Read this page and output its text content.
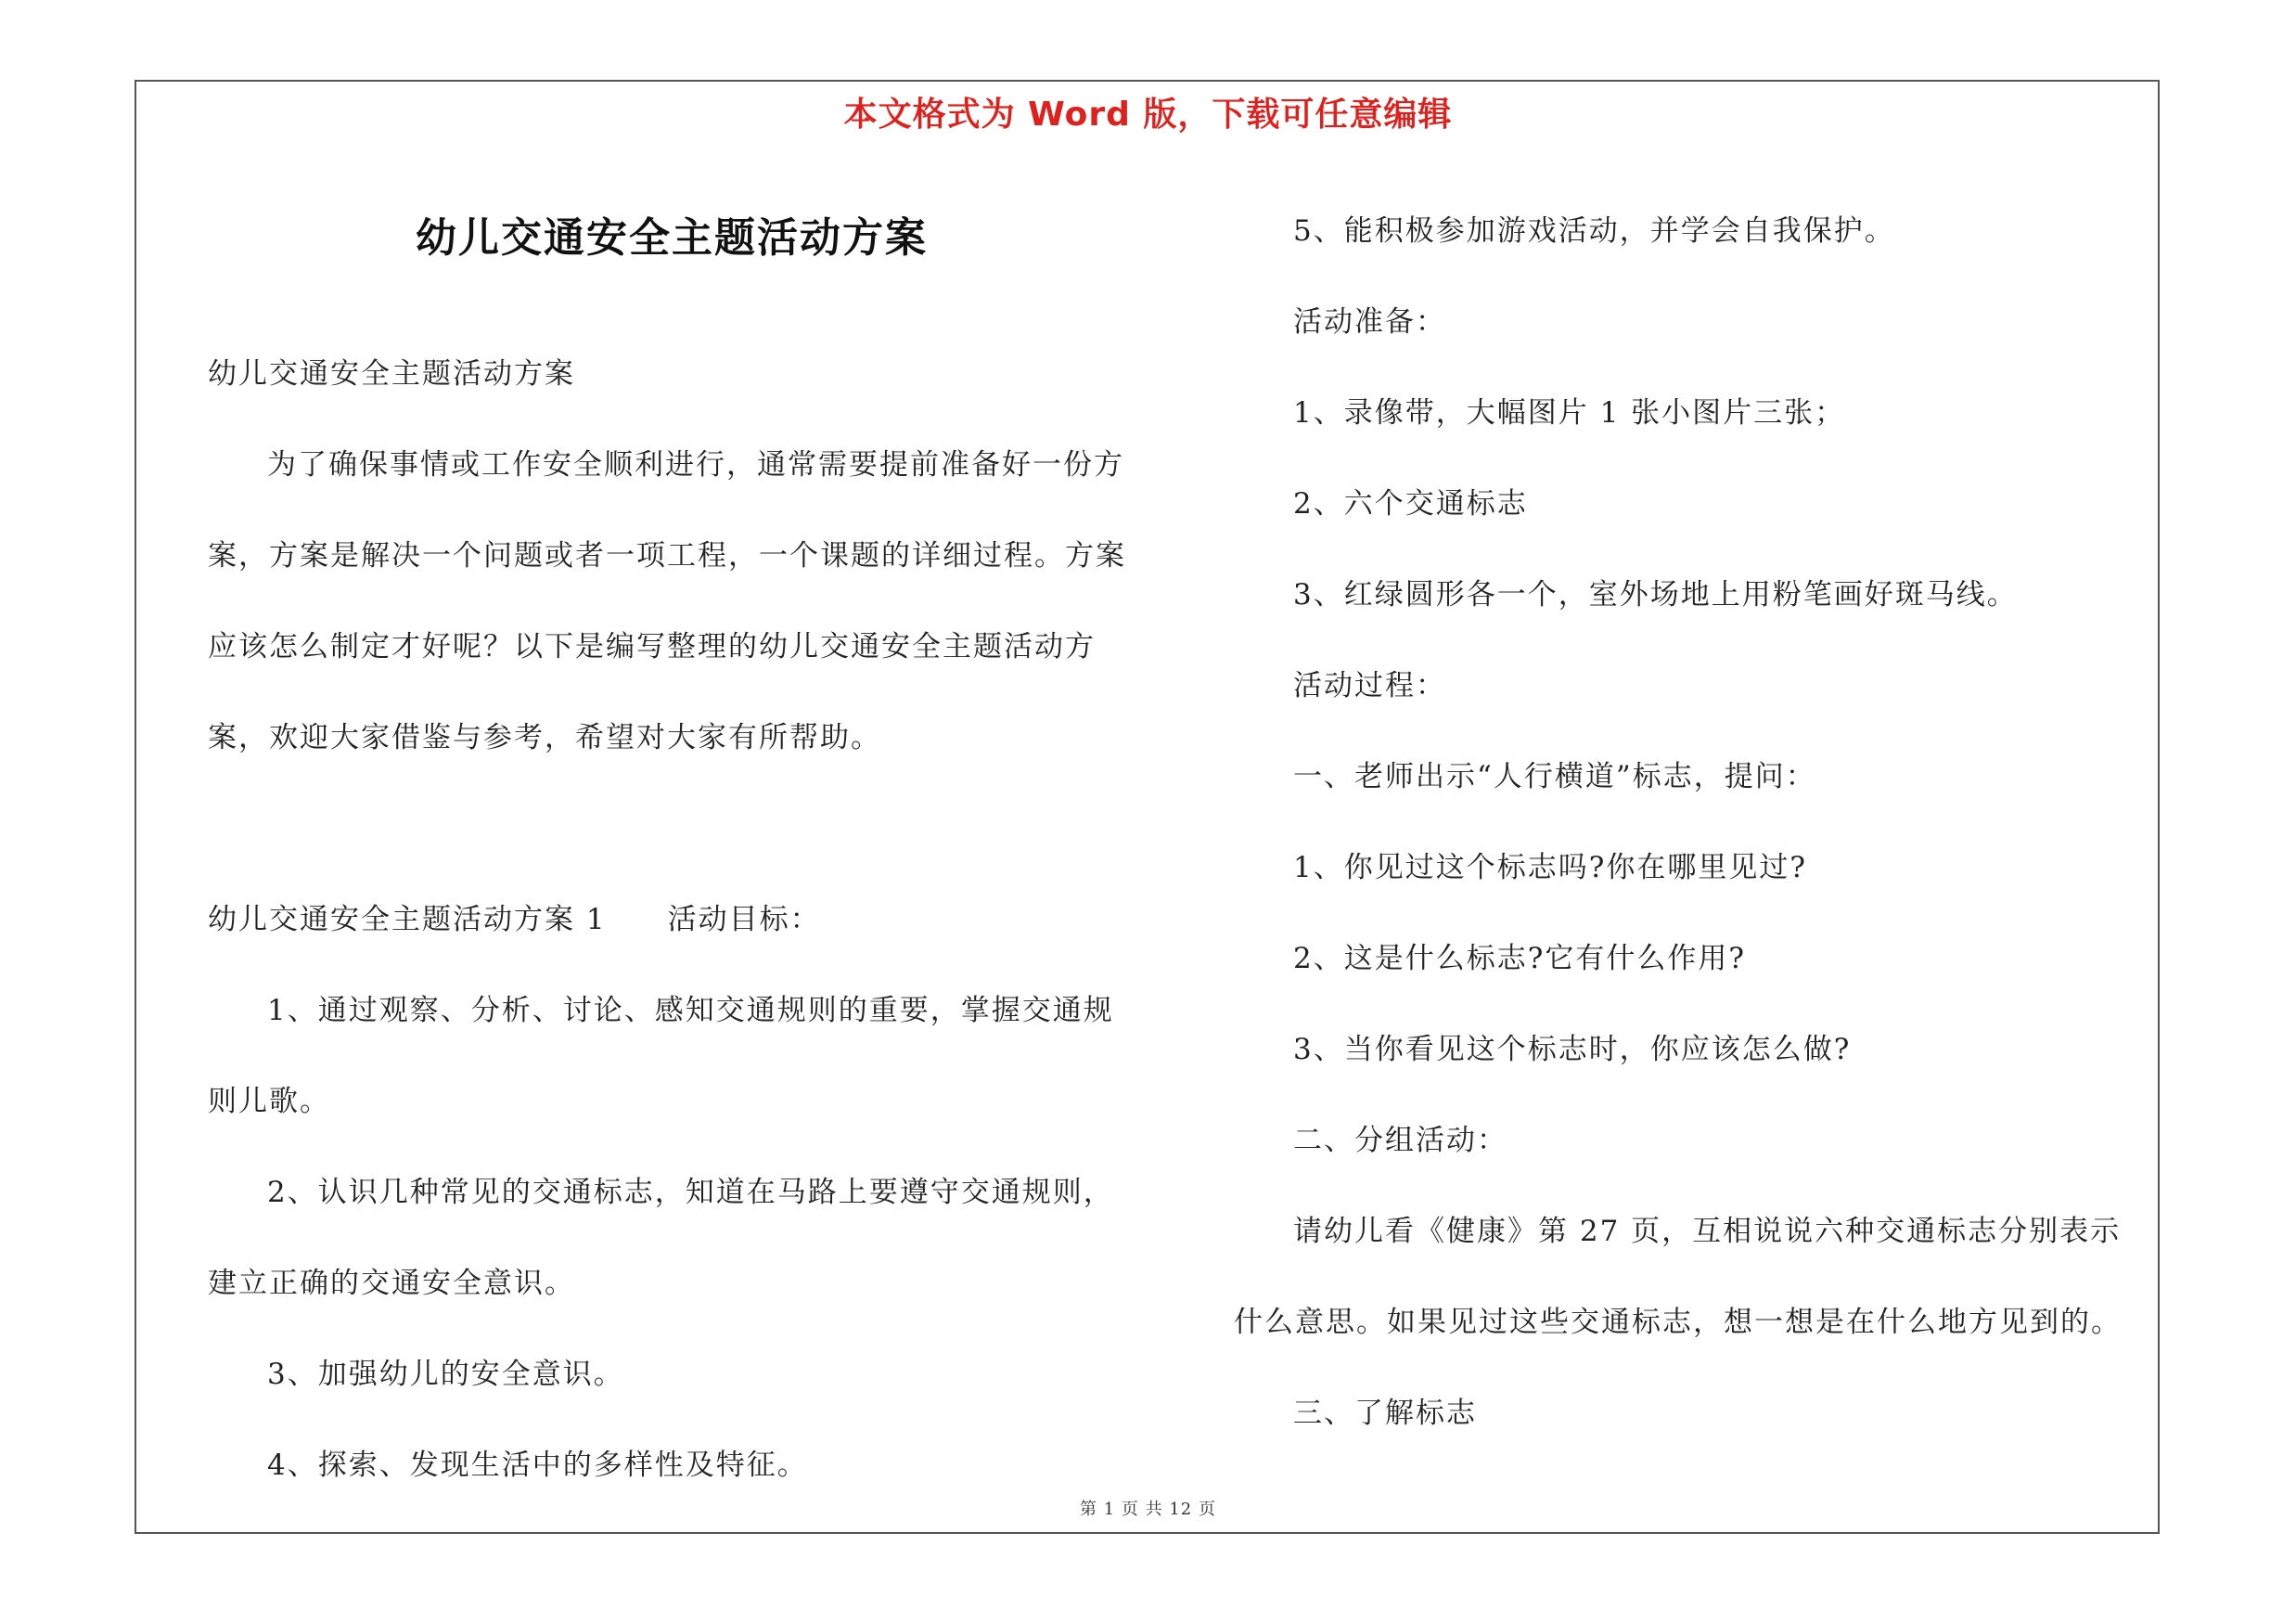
本文格式为 Word 版，下载可任意编辑
幼儿交通安全主题活动方案

幼儿交通安全主题活动方案

为了确保事情或工作安全顺利进行，通常需要提前准备好一份方案，方案是解决一个问题或者一项工程，一个课题的详细过程。方案应该怎么制定才好呢？以下是编写整理的幼儿交通安全主题活动方案，欢迎大家借鉴与参考，希望对大家有所帮助。

幼儿交通安全主题活动方案 1　　活动目标：

1、通过观察、分析、讨论、感知交通规则的重要，掌握交通规则儿歌。

2、认识几种常见的交通标志，知道在马路上要遵守交通规则，建立正确的交通安全意识。

3、加强幼儿的安全意识。

4、探索、发现生活中的多样性及特征。

5、能积极参加游戏活动，并学会自我保护。

活动准备：

1、录像带，大幅图片 1 张小图片三张；

2、六个交通标志

3、红绿圆形各一个，室外场地上用粉笔画好斑马线。

活动过程：

一、老师出示“人行横道”标志，提问：

1、你见过这个标志吗?你在哪里见过?

2、这是什么标志?它有什么作用?

3、当你看见这个标志时，你应该怎么做?

二、分组活动：

请幼儿看《健康》第 27 页，互相说说六种交通标志分别表示什么意思。如果见过这些交通标志，想一想是在什么地方见到的。

三、了解标志

第 1 页 共 12 页
